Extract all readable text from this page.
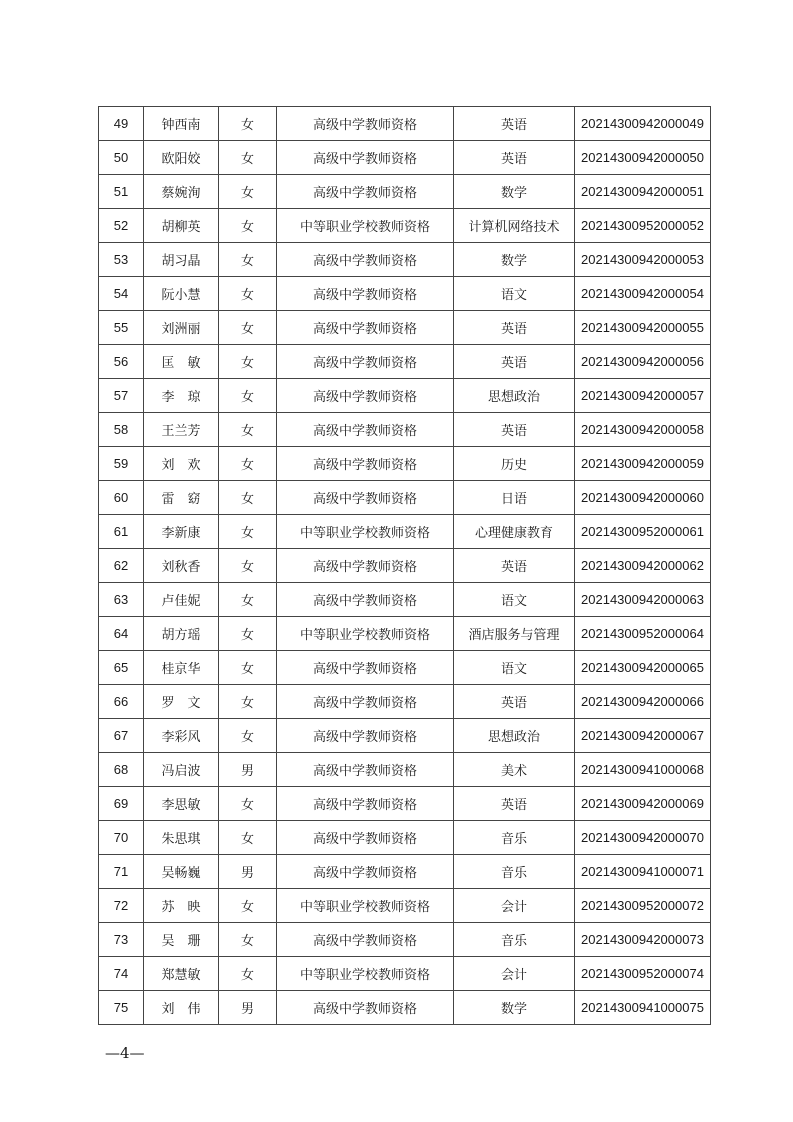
49	钟西南	女	高级中学教师资格	英语	20214300942000049
50	欧阳姣	女	高级中学教师资格	英语	20214300942000050
51	蔡婉洵	女	高级中学教师资格	数学	20214300942000051
52	胡柳英	女	中等职业学校教师资格	计算机网络技术	20214300952000052
53	胡习晶	女	高级中学教师资格	数学	20214300942000053
54	阮小慧	女	高级中学教师资格	语文	20214300942000054
55	刘洲丽	女	高级中学教师资格	英语	20214300942000055
56	匡　敏	女	高级中学教师资格	英语	20214300942000056
57	李　琼	女	高级中学教师资格	思想政治	20214300942000057
58	王兰芳	女	高级中学教师资格	英语	20214300942000058
59	刘　欢	女	高级中学教师资格	历史	20214300942000059
60	雷　窈	女	高级中学教师资格	日语	20214300942000060
61	李新康	女	中等职业学校教师资格	心理健康教育	20214300952000061
62	刘秋香	女	高级中学教师资格	英语	20214300942000062
63	卢佳妮	女	高级中学教师资格	语文	20214300942000063
64	胡方瑶	女	中等职业学校教师资格	酒店服务与管理	20214300952000064
65	桂京华	女	高级中学教师资格	语文	20214300942000065
66	罗　文	女	高级中学教师资格	英语	20214300942000066
67	李彩风	女	高级中学教师资格	思想政治	20214300942000067
68	冯启波	男	高级中学教师资格	美术	20214300941000068
69	李思敏	女	高级中学教师资格	英语	20214300942000069
70	朱思琪	女	高级中学教师资格	音乐	20214300942000070
71	吴畅巍	男	高级中学教师资格	音乐	20214300941000071
72	苏　映	女	中等职业学校教师资格	会计	20214300952000072
73	吴　珊	女	高级中学教师资格	音乐	20214300942000073
74	郑慧敏	女	中等职业学校教师资格	会计	20214300952000074
75	刘　伟	男	高级中学教师资格	数学	20214300941000075
—4—
